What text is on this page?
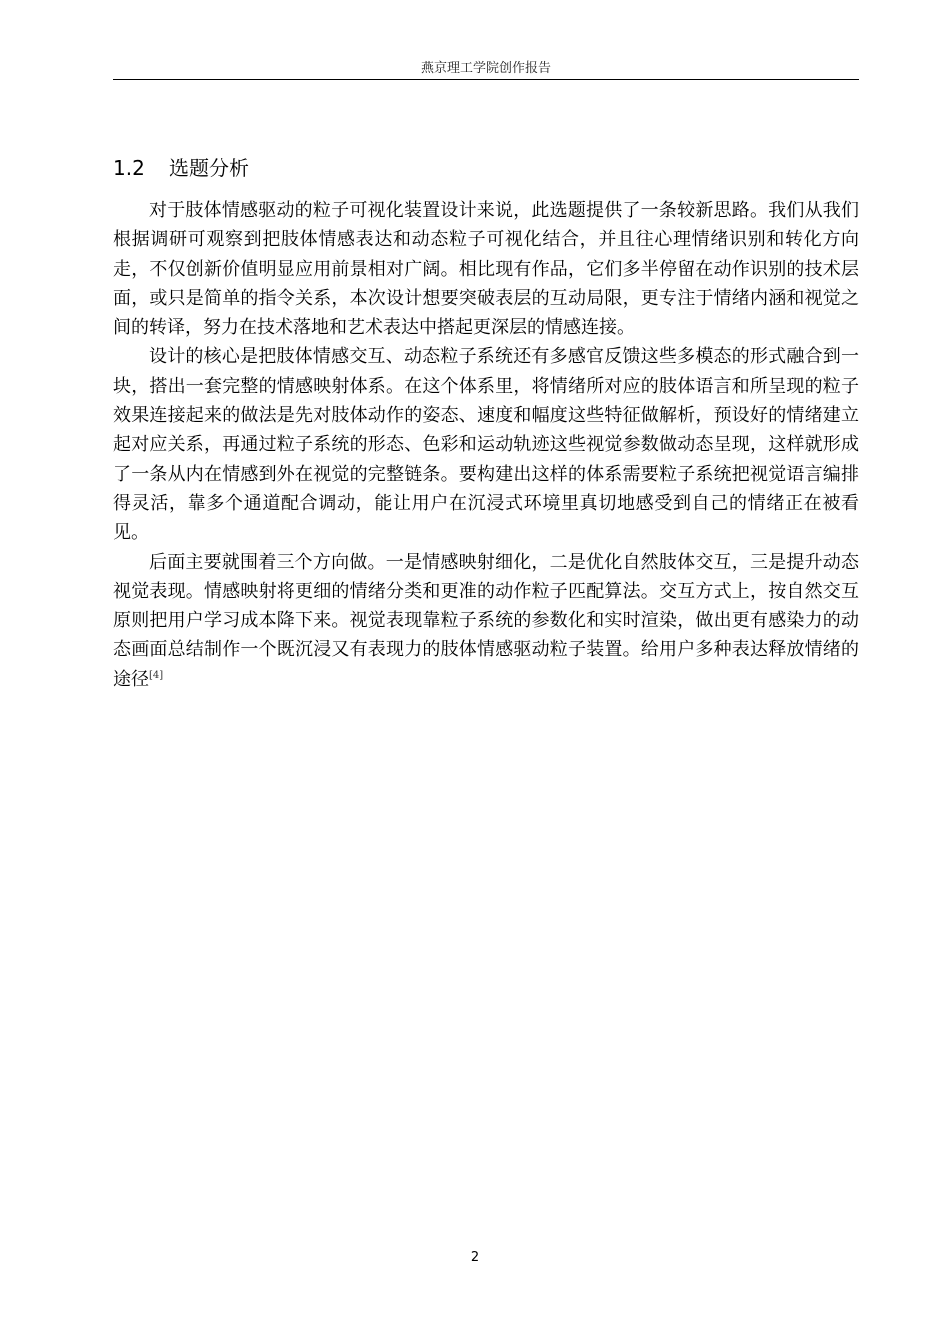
燕京理工学院创作报告
1.2 选题分析

对于肢体情感驱动的粒子可视化装置设计来说，此选题提供了一条较新思路。我们从我们根据调研可观察到把肢体情感表达和动态粒子可视化结合，并且往心理情绪识别和转化方向走，不仅创新价值明显应用前景相对广阔。相比现有作品，它们多半停留在动作识别的技术层面，或只是简单的指令关系，本次设计想要突破表层的互动局限，更专注于情绪内涵和视觉之间的转译，努力在技术落地和艺术表达中搭起更深层的情感连接。

设计的核心是把肢体情感交互、动态粒子系统还有多感官反馈这些多模态的形式融合到一块，搭出一套完整的情感映射体系。在这个体系里，将情绪所对应的肢体语言和所呈现的粒子效果连接起来的做法是先对肢体动作的姿态、速度和幅度这些特征做解析，预设好的情绪建立起对应关系，再通过粒子系统的形态、色彩和运动轨迹这些视觉参数做动态呈现，这样就形成了一条从内在情感到外在视觉的完整链条。要构建出这样的体系需要粒子系统把视觉语言编排得灵活，靠多个通道配合调动，能让用户在沉浸式环境里真切地感受到自己的情绪正在被看见。

后面主要就围着三个方向做。一是情感映射细化，二是优化自然肢体交互，三是提升动态视觉表现。情感映射将更细的情绪分类和更准的动作粒子匹配算法。交互方式上，按自然交互原则把用户学习成本降下来。视觉表现靠粒子系统的参数化和实时渲染，做出更有感染力的动态画面总结制作一个既沉浸又有表现力的肢体情感驱动粒子装置。给用户多种表达释放情绪的途径[4]

2
